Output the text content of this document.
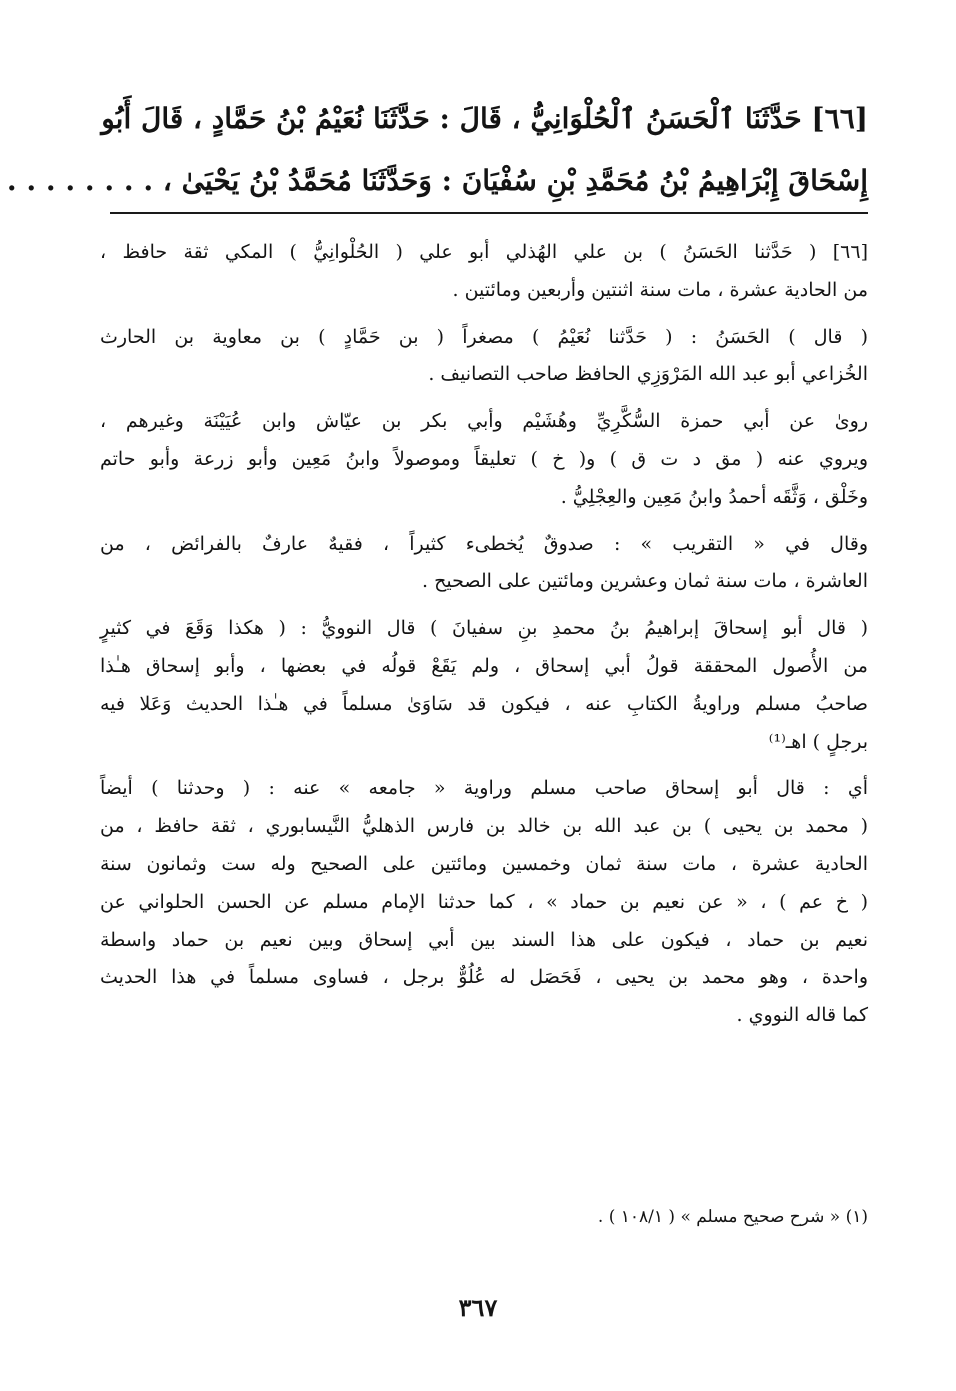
[٦٦] حَدَّثَنَا ٱلْحَسَنُ ٱلْحُلْوَانِيُّ ، قَالَ : حَدَّثَنَا نُعَيْمُ بْنُ حَمَّادٍ ، قَالَ أَبُو
إِسْحَاقَ إِبْرَاهِيمُ بْنُ مُحَمَّدِ بْنِ سُفْيَانَ : وَحَدَّثَنَا مُحَمَّدُ بْنُ يَحْيَىٰ ، . . . . . . . .
[٦٦] ( حَدَّثنا الحَسَنُ ) بن علي الهُذلي أبو علي ( الحُلْوانِيُّ ) المكي ثقة حافظ ،
من الحادية عشرة ، مات سنة اثنتين وأربعين ومائتين .
( قال ) الحَسَنُ : ( حَدَّثنا نُعَيْمُ ) مصغراً ( بن حَمَّادٍ ) بن معاوية بن الحارث
الخُزاعي أبو عبد الله المَرْوَزِي الحافظ صاحب التصانيف .
روىٰ عن أبي حمزة السُّكَّرِيِّ وهُشَيْم وأبي بكر بن عيّاش وابن عُيَيْنَة وغيرهم ،
ويروي عنه ( مق د ت ق ) و( خ ) تعليقاً وموصولاً وابنُ مَعِين وأبو زرعة وأبو حاتم
وخَلْق ، وَثَّقَه أحمدُ وابنُ مَعِين والعِجْلِيُّ .
وقال في « التقريب » : صدوقٌ يُخطىء كثيراً ، فقيهٌ عارفٌ بالفرائض ، من
العاشرة ، مات سنة ثمان وعشرين ومائتين على الصحيح .
( قال أبو إسحاقَ إبراهيمُ بنُ محمدِ بنِ سفيانَ ) قال النوويُّ : ( هكذا وَقَعَ في كثيرٍ
من الأُصول المحققة قولُ أبي إسحاق ، ولم يَقَعْ قولُه في بعضها ، وأبو إسحاق هـٰذا
صاحبُ مسلم وراويةُ الكتابِ عنه ، فيكون قد سَاوَىٰ مسلماً في هـٰذا الحديث وَعَلا فيه
برجلٍ ) اهـ⁽¹⁾
أي : قال أبو إسحاق صاحب مسلم وراوية « جامعه » عنه : ( وحدثنا ) أيضاً
( محمد بن يحيى ) بن عبد الله بن خالد بن فارس الذهليُّ النَّيسابوري ، ثقة حافظ ، من
الحادية عشرة ، مات سنة ثمان وخمسين ومائتين على الصحيح وله ست وثمانون سنة
( خ عم ) ، « عن نعيم بن حماد » ، كما حدثنا الإمام مسلم عن الحسن الحلواني عن
نعيم بن حماد ، فيكون على هذا السند بين أبي إسحاق وبين نعيم بن حماد واسطة
واحدة ، وهو محمد بن يحيى ، فَحَصَل له عُلُوٌّ برجل ، فساوى مسلماً في هذا الحديث
كما قاله النووي .
(١) « شرح صحيح مسلم » ( ١٠٨/١ ) .
٣٦٧
